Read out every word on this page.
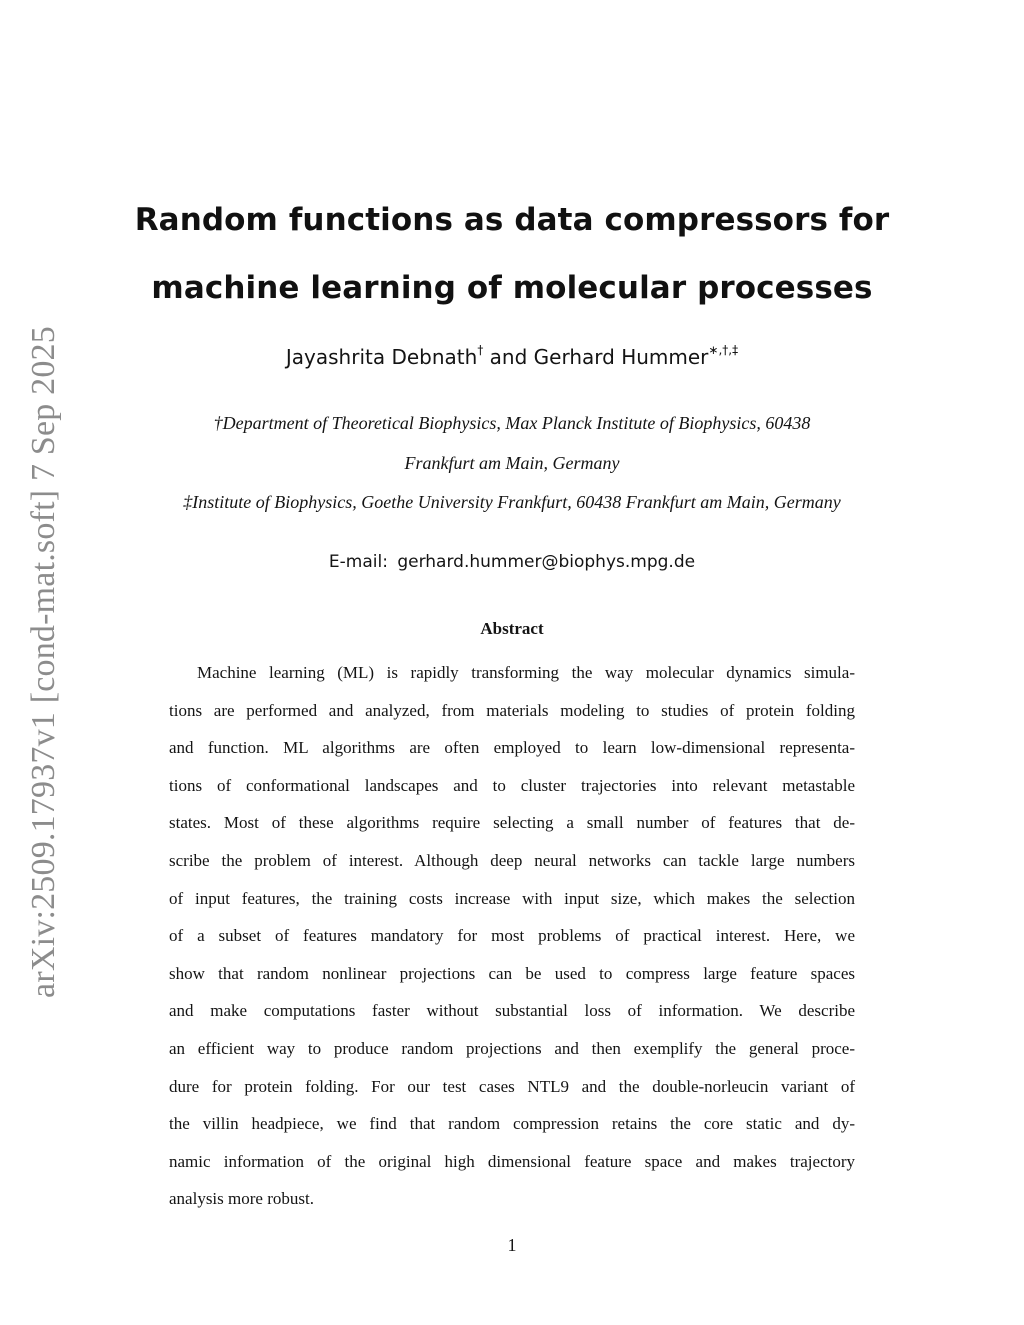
arXiv:2509.17937v1 [cond-mat.soft] 7 Sep 2025
Random functions as data compressors for
machine learning of molecular processes
Jayashrita Debnath† and Gerhard Hummer∗,†,‡
†Department of Theoretical Biophysics, Max Planck Institute of Biophysics, 60438
Frankfurt am Main, Germany
‡Institute of Biophysics, Goethe University Frankfurt, 60438 Frankfurt am Main, Germany
E-mail: gerhard.hummer@biophys.mpg.de
Abstract
Machine learning (ML) is rapidly transforming the way molecular dynamics simula-
tions are performed and analyzed, from materials modeling to studies of protein folding
and function. ML algorithms are often employed to learn low-dimensional representa-
tions of conformational landscapes and to cluster trajectories into relevant metastable
states. Most of these algorithms require selecting a small number of features that de-
scribe the problem of interest. Although deep neural networks can tackle large numbers
of input features, the training costs increase with input size, which makes the selection
of a subset of features mandatory for most problems of practical interest. Here, we
show that random nonlinear projections can be used to compress large feature spaces
and make computations faster without substantial loss of information. We describe
an efficient way to produce random projections and then exemplify the general proce-
dure for protein folding. For our test cases NTL9 and the double-norleucin variant of
the villin headpiece, we find that random compression retains the core static and dy-
namic information of the original high dimensional feature space and makes trajectory
analysis more robust.
1
